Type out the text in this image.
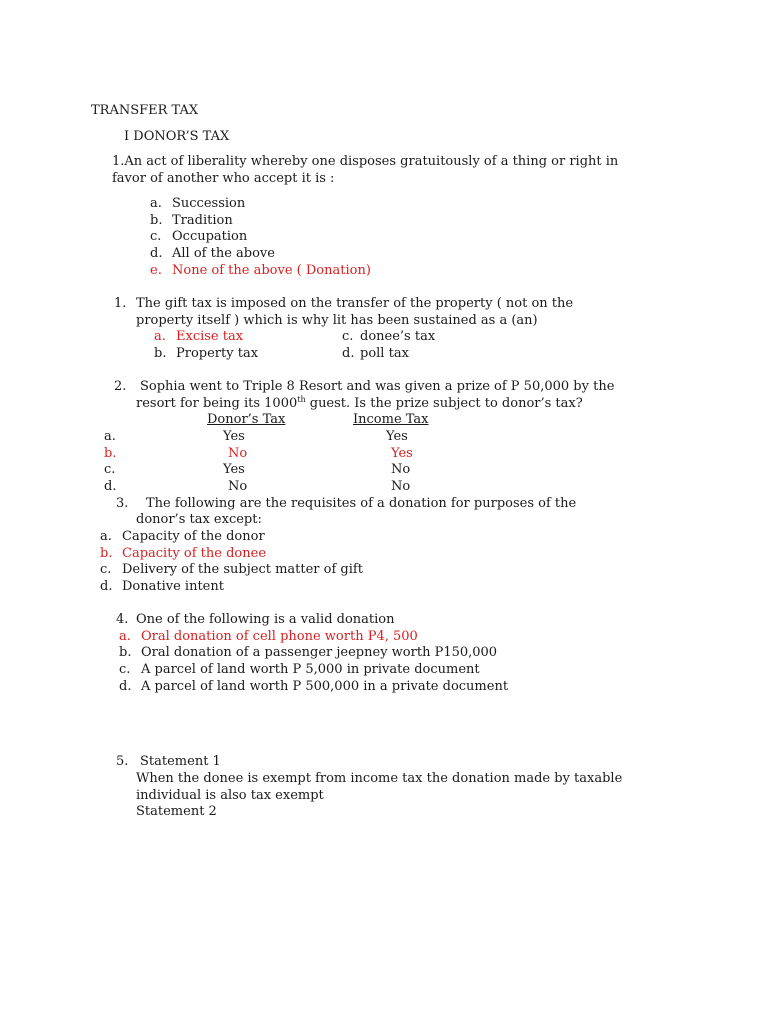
TRANSFER TAX
I DONOR’S TAX
1.An act of liberality whereby one disposes gratuitously of a thing or right in
favor of another who accept it is :
a. Succession
b. Tradition
c. Occupation
d. All of the above
e. None of the above ( Donation)
1. The gift tax is imposed on the transfer of the property ( not on the
property itself ) which is why lit has been sustained as a (an)
a. Excise tax	c. donee’s tax
b. Property tax	d. poll tax
2. Sophia went to Triple 8 Resort and was given a prize of P 50,000 by the
resort for being its 1000th guest. Is the prize subject to donor’s tax?
Donor’s Tax	Income Tax
a.	Yes	Yes
b.	No	Yes
c.	Yes	No
d.	No	No
3. The following are the requisites of a donation for purposes of the
donor’s tax except:
a. Capacity of the donor
b. Capacity of the donee
c. Delivery of the subject matter of gift
d. Donative intent
4. One of the following is a valid donation
a. Oral donation of cell phone worth P4, 500
b. Oral donation of a passenger jeepney worth P150,000
c. A parcel of land worth P 5,000 in private document
d. A parcel of land worth P 500,000 in a private document
5. Statement 1
When the donee is exempt from income tax the donation made by taxable
individual is also tax exempt
Statement 2
